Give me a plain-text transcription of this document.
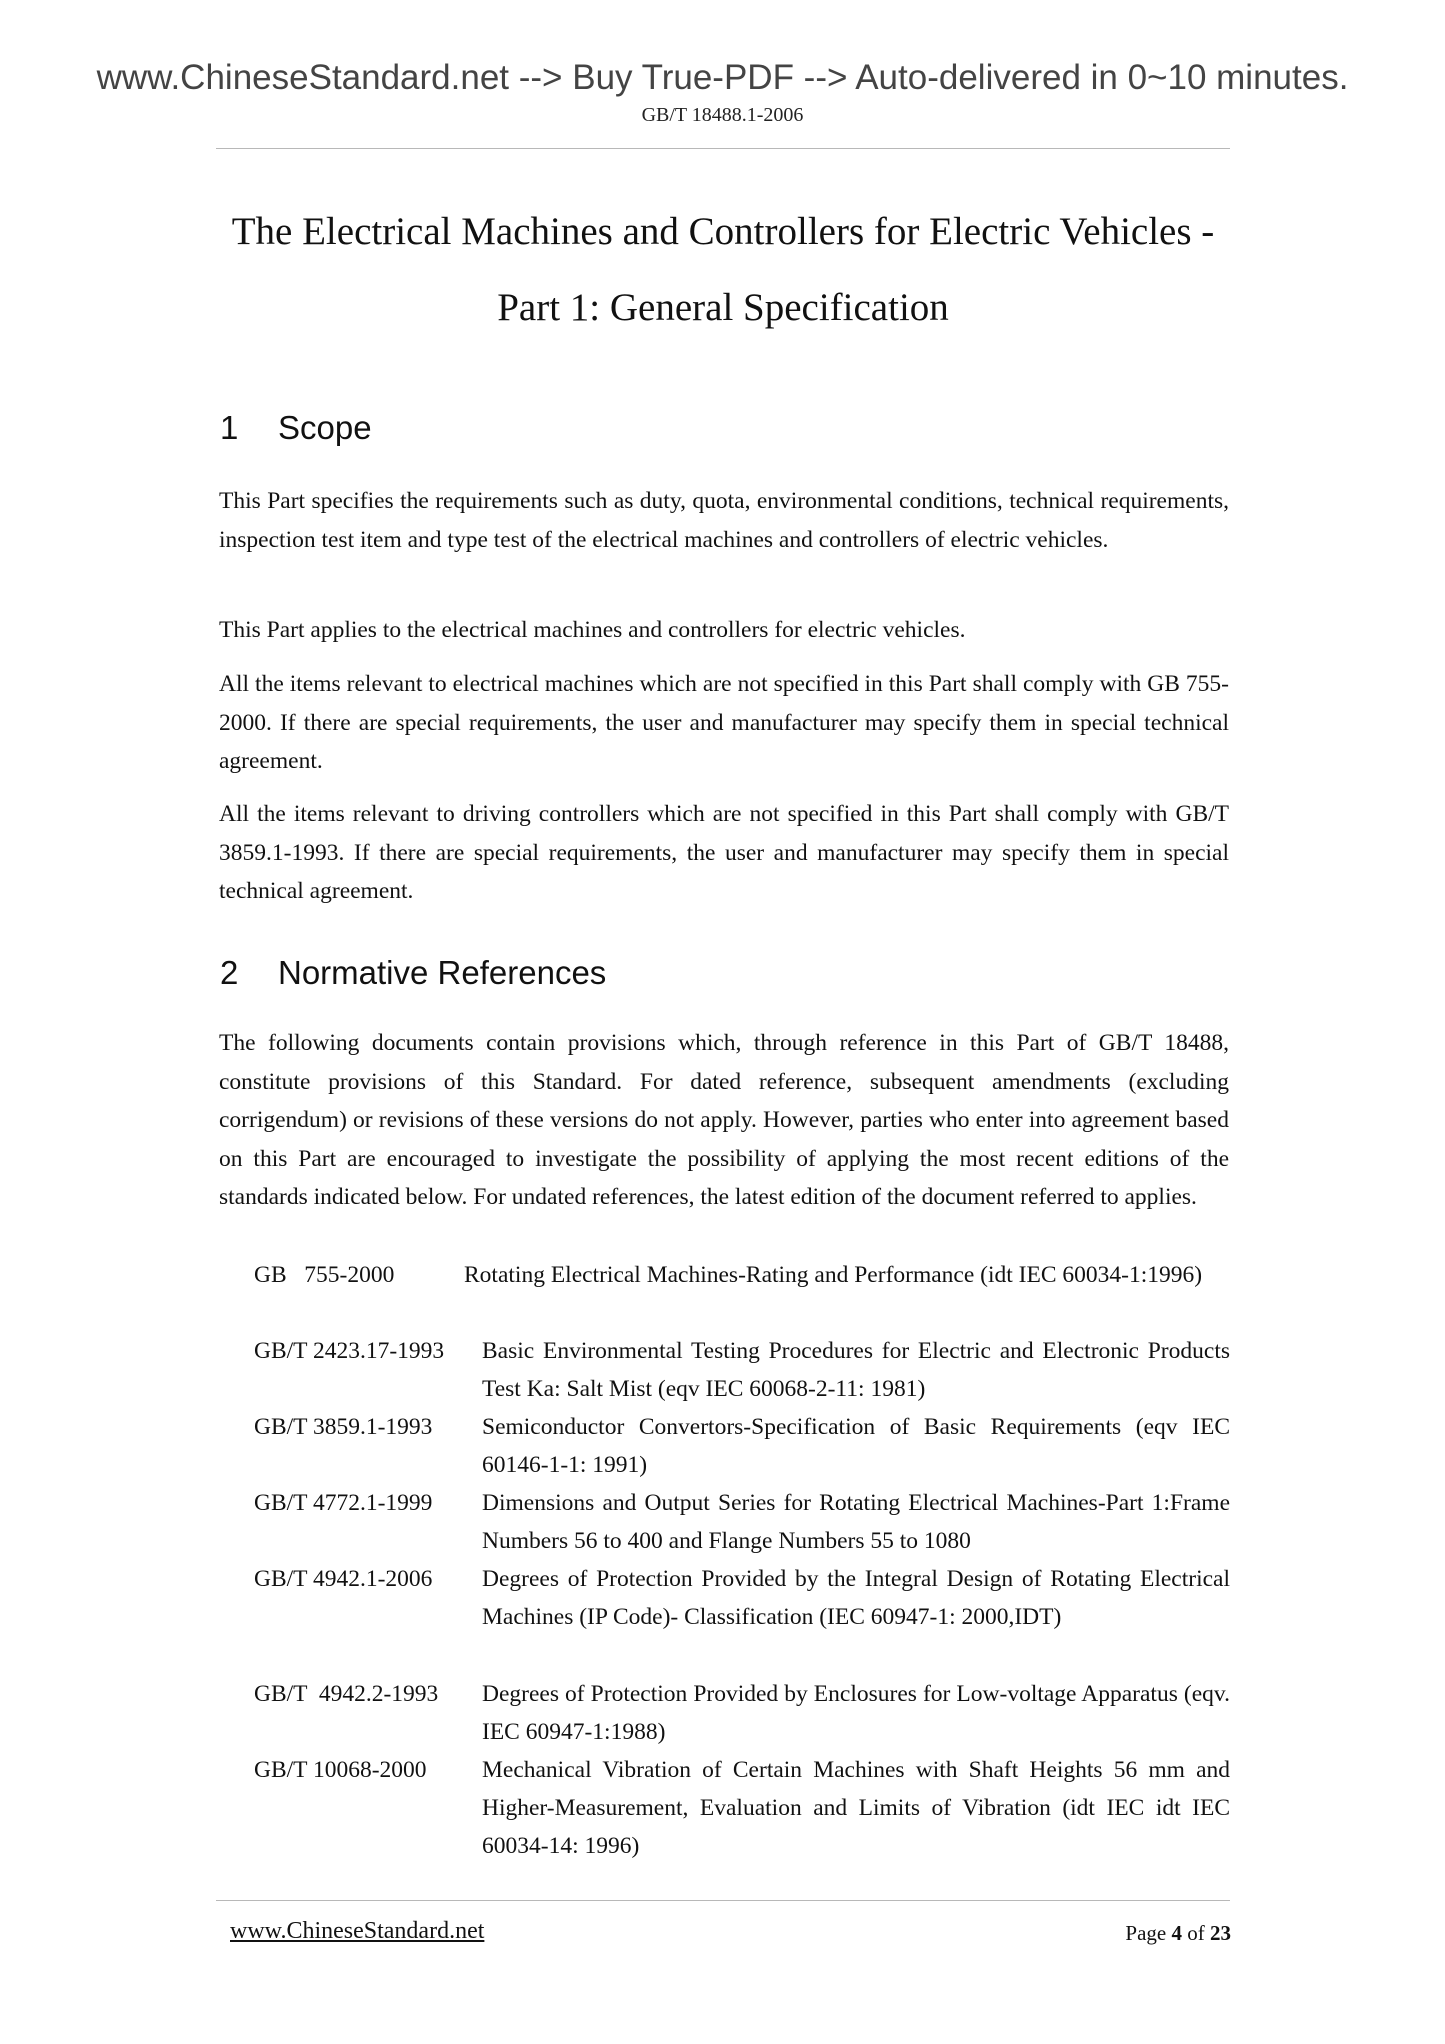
www.ChineseStandard.net --> Buy True-PDF --> Auto-delivered in 0~10 minutes.
GB/T 18488.1-2006
The Electrical Machines and Controllers for Electric Vehicles -
Part 1: General Specification
1 Scope

This Part specifies the requirements such as duty, quota, environmental conditions, technical requirements, inspection test item and type test of the electrical machines and controllers of electric vehicles.

This Part applies to the electrical machines and controllers for electric vehicles.

All the items relevant to electrical machines which are not specified in this Part shall comply with GB 755-2000. If there are special requirements, the user and manufacturer may specify them in special technical agreement.

All the items relevant to driving controllers which are not specified in this Part shall comply with GB/T 3859.1-1993. If there are special requirements, the user and manufacturer may specify them in special technical agreement.

2 Normative References

The following documents contain provisions which, through reference in this Part of GB/T 18488, constitute provisions of this Standard. For dated reference, subsequent amendments (excluding corrigendum) or revisions of these versions do not apply. However, parties who enter into agreement based on this Part are encouraged to investigate the possibility of applying the most recent editions of the standards indicated below. For undated references, the latest edition of the document referred to applies.

GB   755-2000	Rotating Electrical Machines-Rating and Performance (idt IEC 60034-1:1996)

GB/T 2423.17-1993 Basic Environmental Testing Procedures for Electric and Electronic Products Test Ka: Salt Mist (eqv IEC 60068-2-11: 1981)

GB/T 3859.1-1993 Semiconductor Convertors-Specification of Basic Requirements (eqv IEC 60146-1-1: 1991)

GB/T 4772.1-1999 Dimensions and Output Series for Rotating Electrical Machines-Part 1:Frame Numbers 56 to 400 and Flange Numbers 55 to 1080

GB/T 4942.1-2006 Degrees of Protection Provided by the Integral Design of Rotating Electrical Machines (IP Code)- Classification (IEC 60947-1: 2000,IDT)

GB/T  4942.2-1993 Degrees of Protection Provided by Enclosures for Low-voltage Apparatus (eqv. IEC 60947-1:1988)

GB/T 10068-2000 Mechanical Vibration of Certain Machines with Shaft Heights 56 mm and Higher-Measurement, Evaluation and Limits of Vibration (idt IEC idt IEC 60034-14: 1996)

www.ChineseStandard.net	Page 4 of 23
